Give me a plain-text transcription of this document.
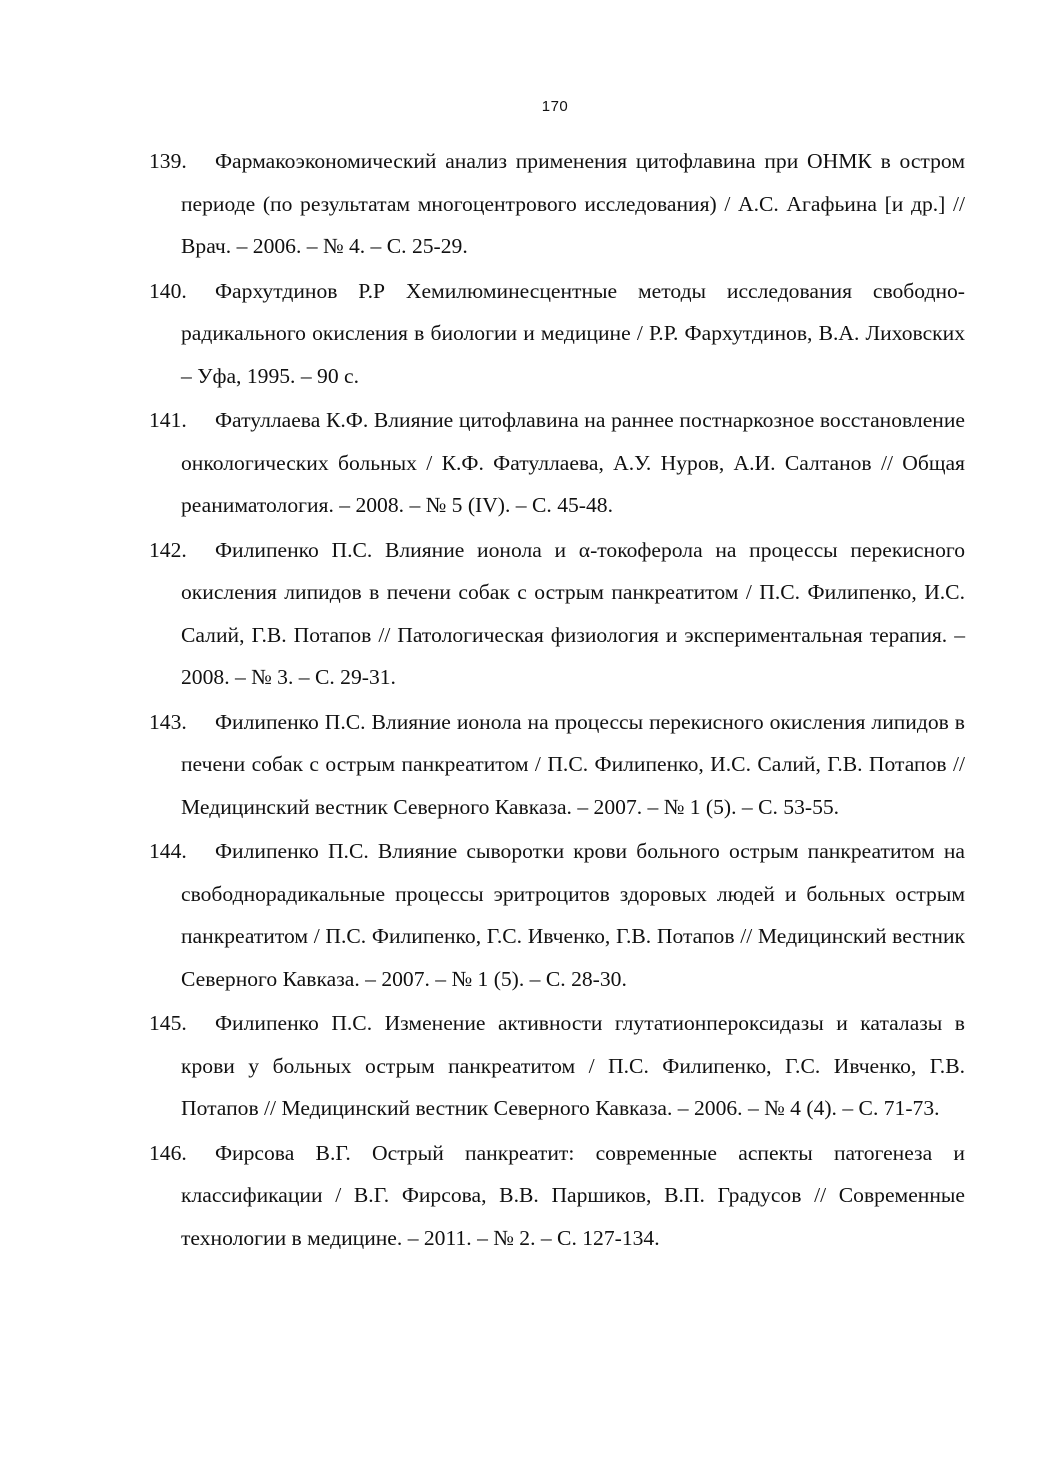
170
139. Фармакоэкономический анализ применения цитофлавина при ОНМК в остром периоде (по результатам многоцентрового исследования) / А.С. Агафьина [и др.] // Врач. – 2006. – № 4. – С. 25-29.
140. Фархутдинов Р.Р Хемилюминесцентные методы исследования свободно-радикального окисления в биологии и медицине / Р.Р. Фархутдинов, В.А. Лиховских – Уфа, 1995. – 90 с.
141. Фатуллаева К.Ф. Влияние цитофлавина на раннее постнаркозное восстановление онкологических больных / К.Ф. Фатуллаева, А.У. Нуров, А.И. Салтанов // Общая реаниматология. – 2008. – № 5 (IV). – С. 45-48.
142. Филипенко П.С. Влияние ионола и α-токоферола на процессы перекисного окисления липидов в печени собак с острым панкреатитом / П.С. Филипенко, И.С. Салий, Г.В. Потапов // Патологическая физиология и экспериментальная терапия. – 2008. – № 3. – С. 29-31.
143. Филипенко П.С. Влияние ионола на процессы перекисного окисления липидов в печени собак с острым панкреатитом / П.С. Филипенко, И.С. Салий, Г.В. Потапов // Медицинский вестник Северного Кавказа. – 2007. – № 1 (5). – С. 53-55.
144. Филипенко П.С. Влияние сыворотки крови больного острым панкреатитом на свободнорадикальные процессы эритроцитов здоровых людей и больных острым панкреатитом / П.С. Филипенко, Г.С. Ивченко, Г.В. Потапов // Медицинский вестник Северного Кавказа. – 2007. – № 1 (5). – С. 28-30.
145. Филипенко П.С. Изменение активности глутатионпероксидазы и каталазы в крови у больных острым панкреатитом / П.С. Филипенко, Г.С. Ивченко, Г.В. Потапов // Медицинский вестник Северного Кавказа. – 2006. – № 4 (4). – С. 71-73.
146. Фирсова В.Г. Острый панкреатит: современные аспекты патогенеза и классификации / В.Г. Фирсова, В.В. Паршиков, В.П. Градусов // Современные технологии в медицине. – 2011. – № 2. – С. 127-134.
